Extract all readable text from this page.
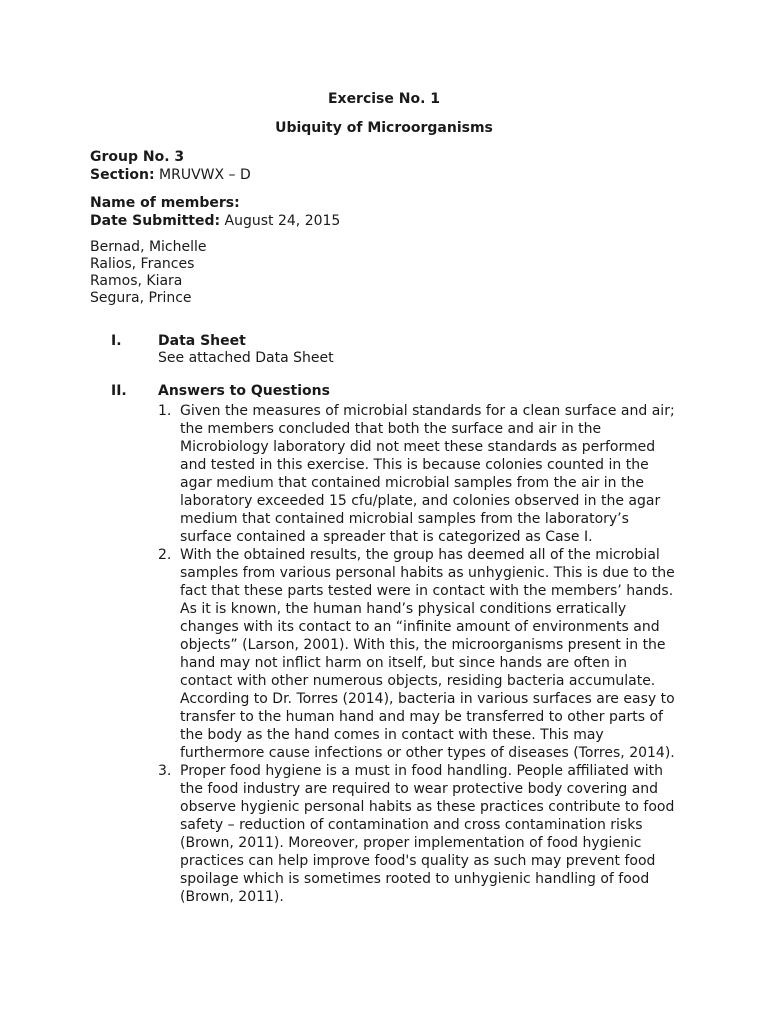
Exercise No. 1
Ubiquity of Microorganisms
Group No. 3
Section: MRUVWX – D
Name of members:
Date Submitted: August 24, 2015
Bernad, Michelle
Ralios, Frances
Ramos, Kiara
Segura, Prince
I.	Data Sheet
See attached Data Sheet
II. Answers to Questions
1. Given the measures of microbial standards for a clean surface and air;
the members concluded that both the surface and air in the
Microbiology laboratory did not meet these standards as performed
and tested in this exercise. This is because colonies counted in the
agar medium that contained microbial samples from the air in the
laboratory exceeded 15 cfu/plate, and colonies observed in the agar
medium that contained microbial samples from the laboratory’s
surface contained a spreader that is categorized as Case I.
2. With the obtained results, the group has deemed all of the microbial
samples from various personal habits as unhygienic. This is due to the
fact that these parts tested were in contact with the members’ hands.
As it is known, the human hand’s physical conditions erratically
changes with its contact to an “infinite amount of environments and
objects” (Larson, 2001). With this, the microorganisms present in the
hand may not inflict harm on itself, but since hands are often in
contact with other numerous objects, residing bacteria accumulate.
According to Dr. Torres (2014), bacteria in various surfaces are easy to
transfer to the human hand and may be transferred to other parts of
the body as the hand comes in contact with these. This may
furthermore cause infections or other types of diseases (Torres, 2014).
3. Proper food hygiene is a must in food handling. People affiliated with
the food industry are required to wear protective body covering and
observe hygienic personal habits as these practices contribute to food
safety – reduction of contamination and cross contamination risks
(Brown, 2011). Moreover, proper implementation of food hygienic
practices can help improve food's quality as such may prevent food
spoilage which is sometimes rooted to unhygienic handling of food
(Brown, 2011).
